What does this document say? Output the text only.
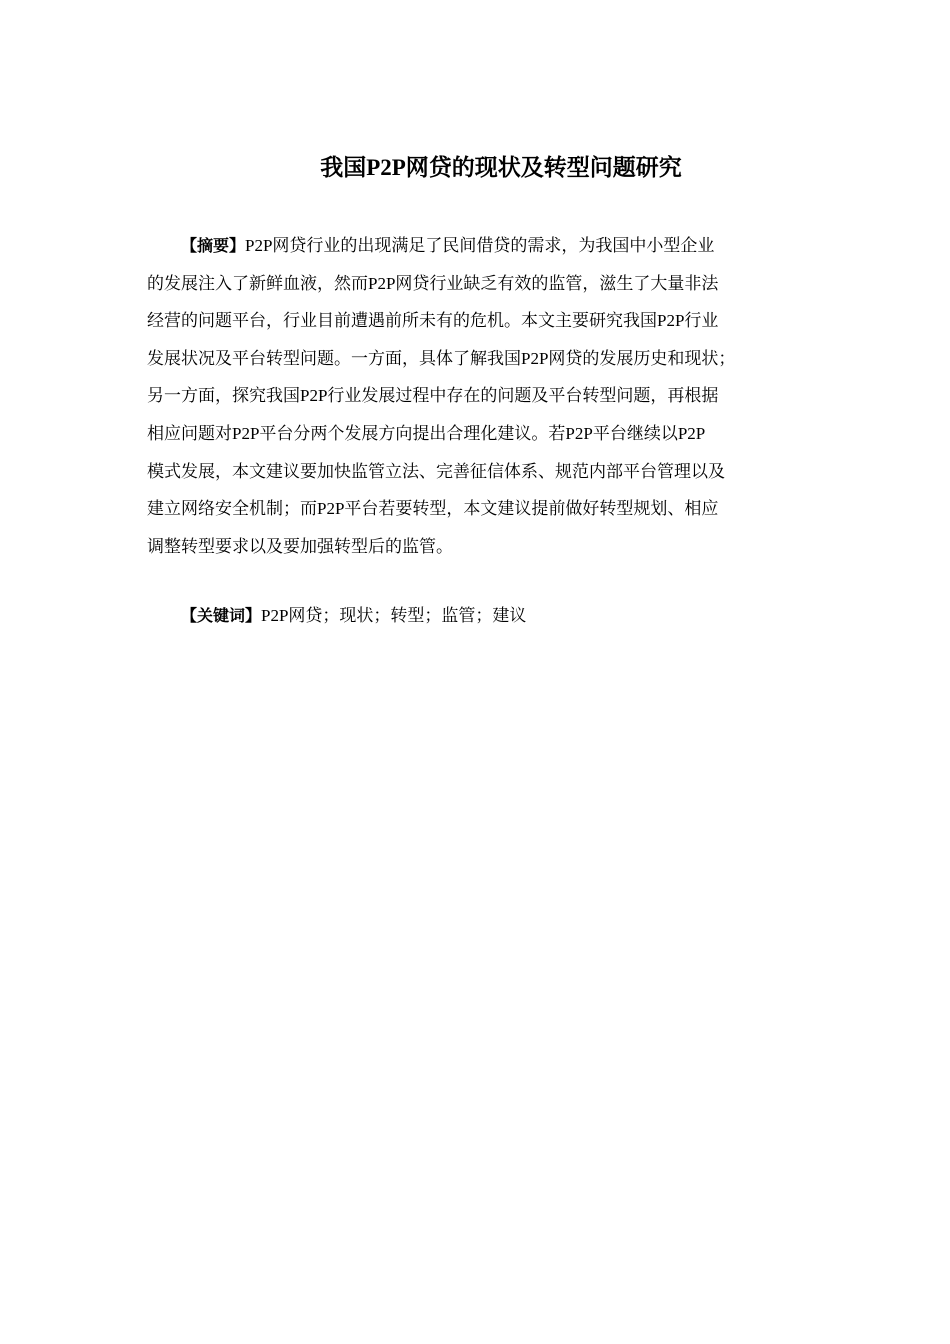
我国P2P网贷的现状及转型问题研究
【摘要】P2P网贷行业的出现满足了民间借贷的需求，为我国中小型企业
的发展注入了新鲜血液，然而P2P网贷行业缺乏有效的监管，滋生了大量非法
经营的问题平台，行业目前遭遇前所未有的危机。本文主要研究我国P2P行业
发展状况及平台转型问题。一方面，具体了解我国P2P网贷的发展历史和现状；
另一方面，探究我国P2P行业发展过程中存在的问题及平台转型问题，再根据
相应问题对P2P平台分两个发展方向提出合理化建议。若P2P平台继续以P2P
模式发展，本文建议要加快监管立法、完善征信体系、规范内部平台管理以及
建立网络安全机制；而P2P平台若要转型，本文建议提前做好转型规划、相应
调整转型要求以及要加强转型后的监管。
【关键词】P2P网贷；现状；转型；监管；建议
